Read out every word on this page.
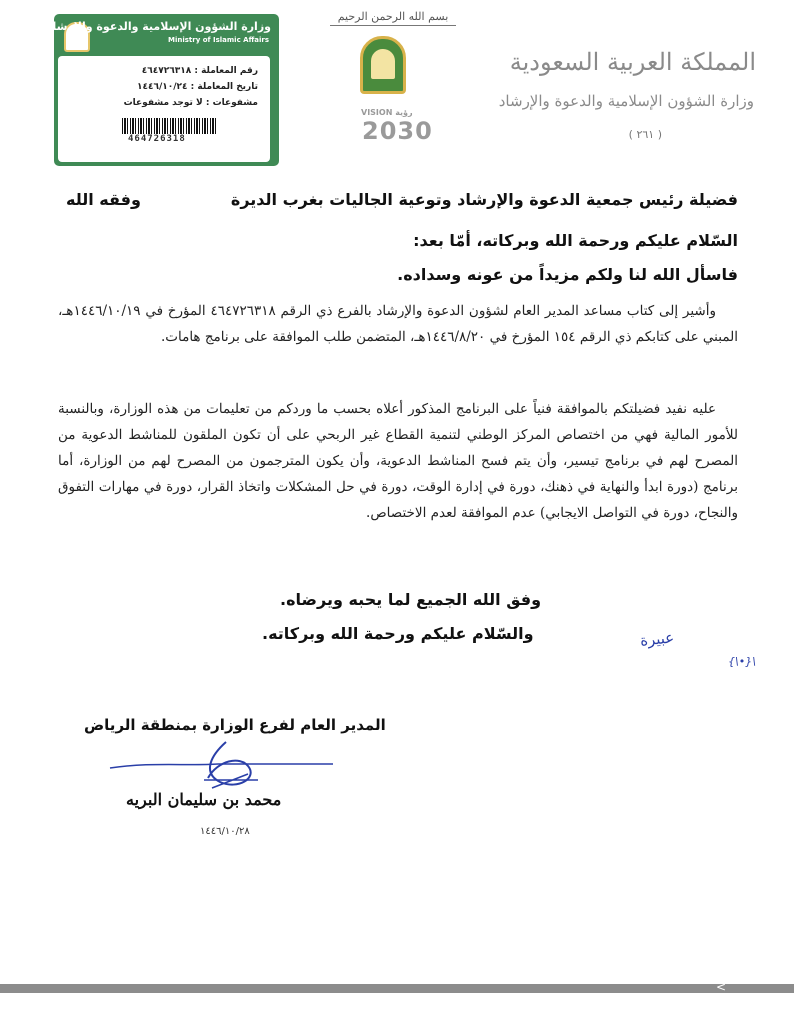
وزارة الشؤون الإسلامية والدعوة والإرشاد
Ministry of Islamic Affairs
رقم المعاملة : ٤٦٤٧٢٦٣١٨
تاريخ المعاملة : ١٤٤٦/١٠/٢٤
مشفوعات : لا توجد مشفوعات
464726318
بسم الله الرحمن الرحيم
VISION رؤية
2030
المملكة العربية السعودية
وزارة الشؤون الإسلامية والدعوة والإرشاد
( ٢٦١ )
فضيلة رئيس جمعية الدعوة والإرشاد وتوعية الجاليات بغرب الديرة
وفقه الله
السّلام عليكم ورحمة الله وبركاته، أمّا بعد:
فاسأل الله لنا ولكم مزيداً من عونه وسداده.

وأشير إلى كتاب مساعد المدير العام لشؤون الدعوة والإرشاد بالفرع ذي الرقم ٤٦٤٧٢٦٣١٨ المؤرخ في ١٤٤٦/١٠/١٩هـ، المبني على كتابكم ذي الرقم ١٥٤ المؤرخ في ١٤٤٦/٨/٢٠هـ، المتضمن طلب الموافقة على برنامج هامات.

عليه نفيد فضيلتكم بالموافقة فنياً على البرنامج المذكور أعلاه بحسب ما وردكم من تعليمات من هذه الوزارة، وبالنسبة للأمور المالية فهي من اختصاص المركز الوطني لتنمية القطاع غير الربحي على أن تكون الملقون للمناشط الدعوية من المصرح لهم في برنامج تيسير، وأن يتم فسح المناشط الدعوية، وأن يكون المترجمون من المصرح لهم من الوزارة، أما برنامج (دورة ابدأ والنهاية في ذهنك، دورة في إدارة الوقت، دورة في حل المشكلات واتخاذ القرار، دورة في مهارات التفوق والنجاح، دورة في التواصل الايجابي) عدم الموافقة لعدم الاختصاص.

وفق الله الجميع لما يحبه ويرضاه.
والسّلام عليكم ورحمة الله وبركاته.	عبيرة
\{•\}
المدير العام لفرع الوزارة بمنطقة الرياض
محمد بن سليمان البريه
١٤٤٦/١٠/٢٨
<
